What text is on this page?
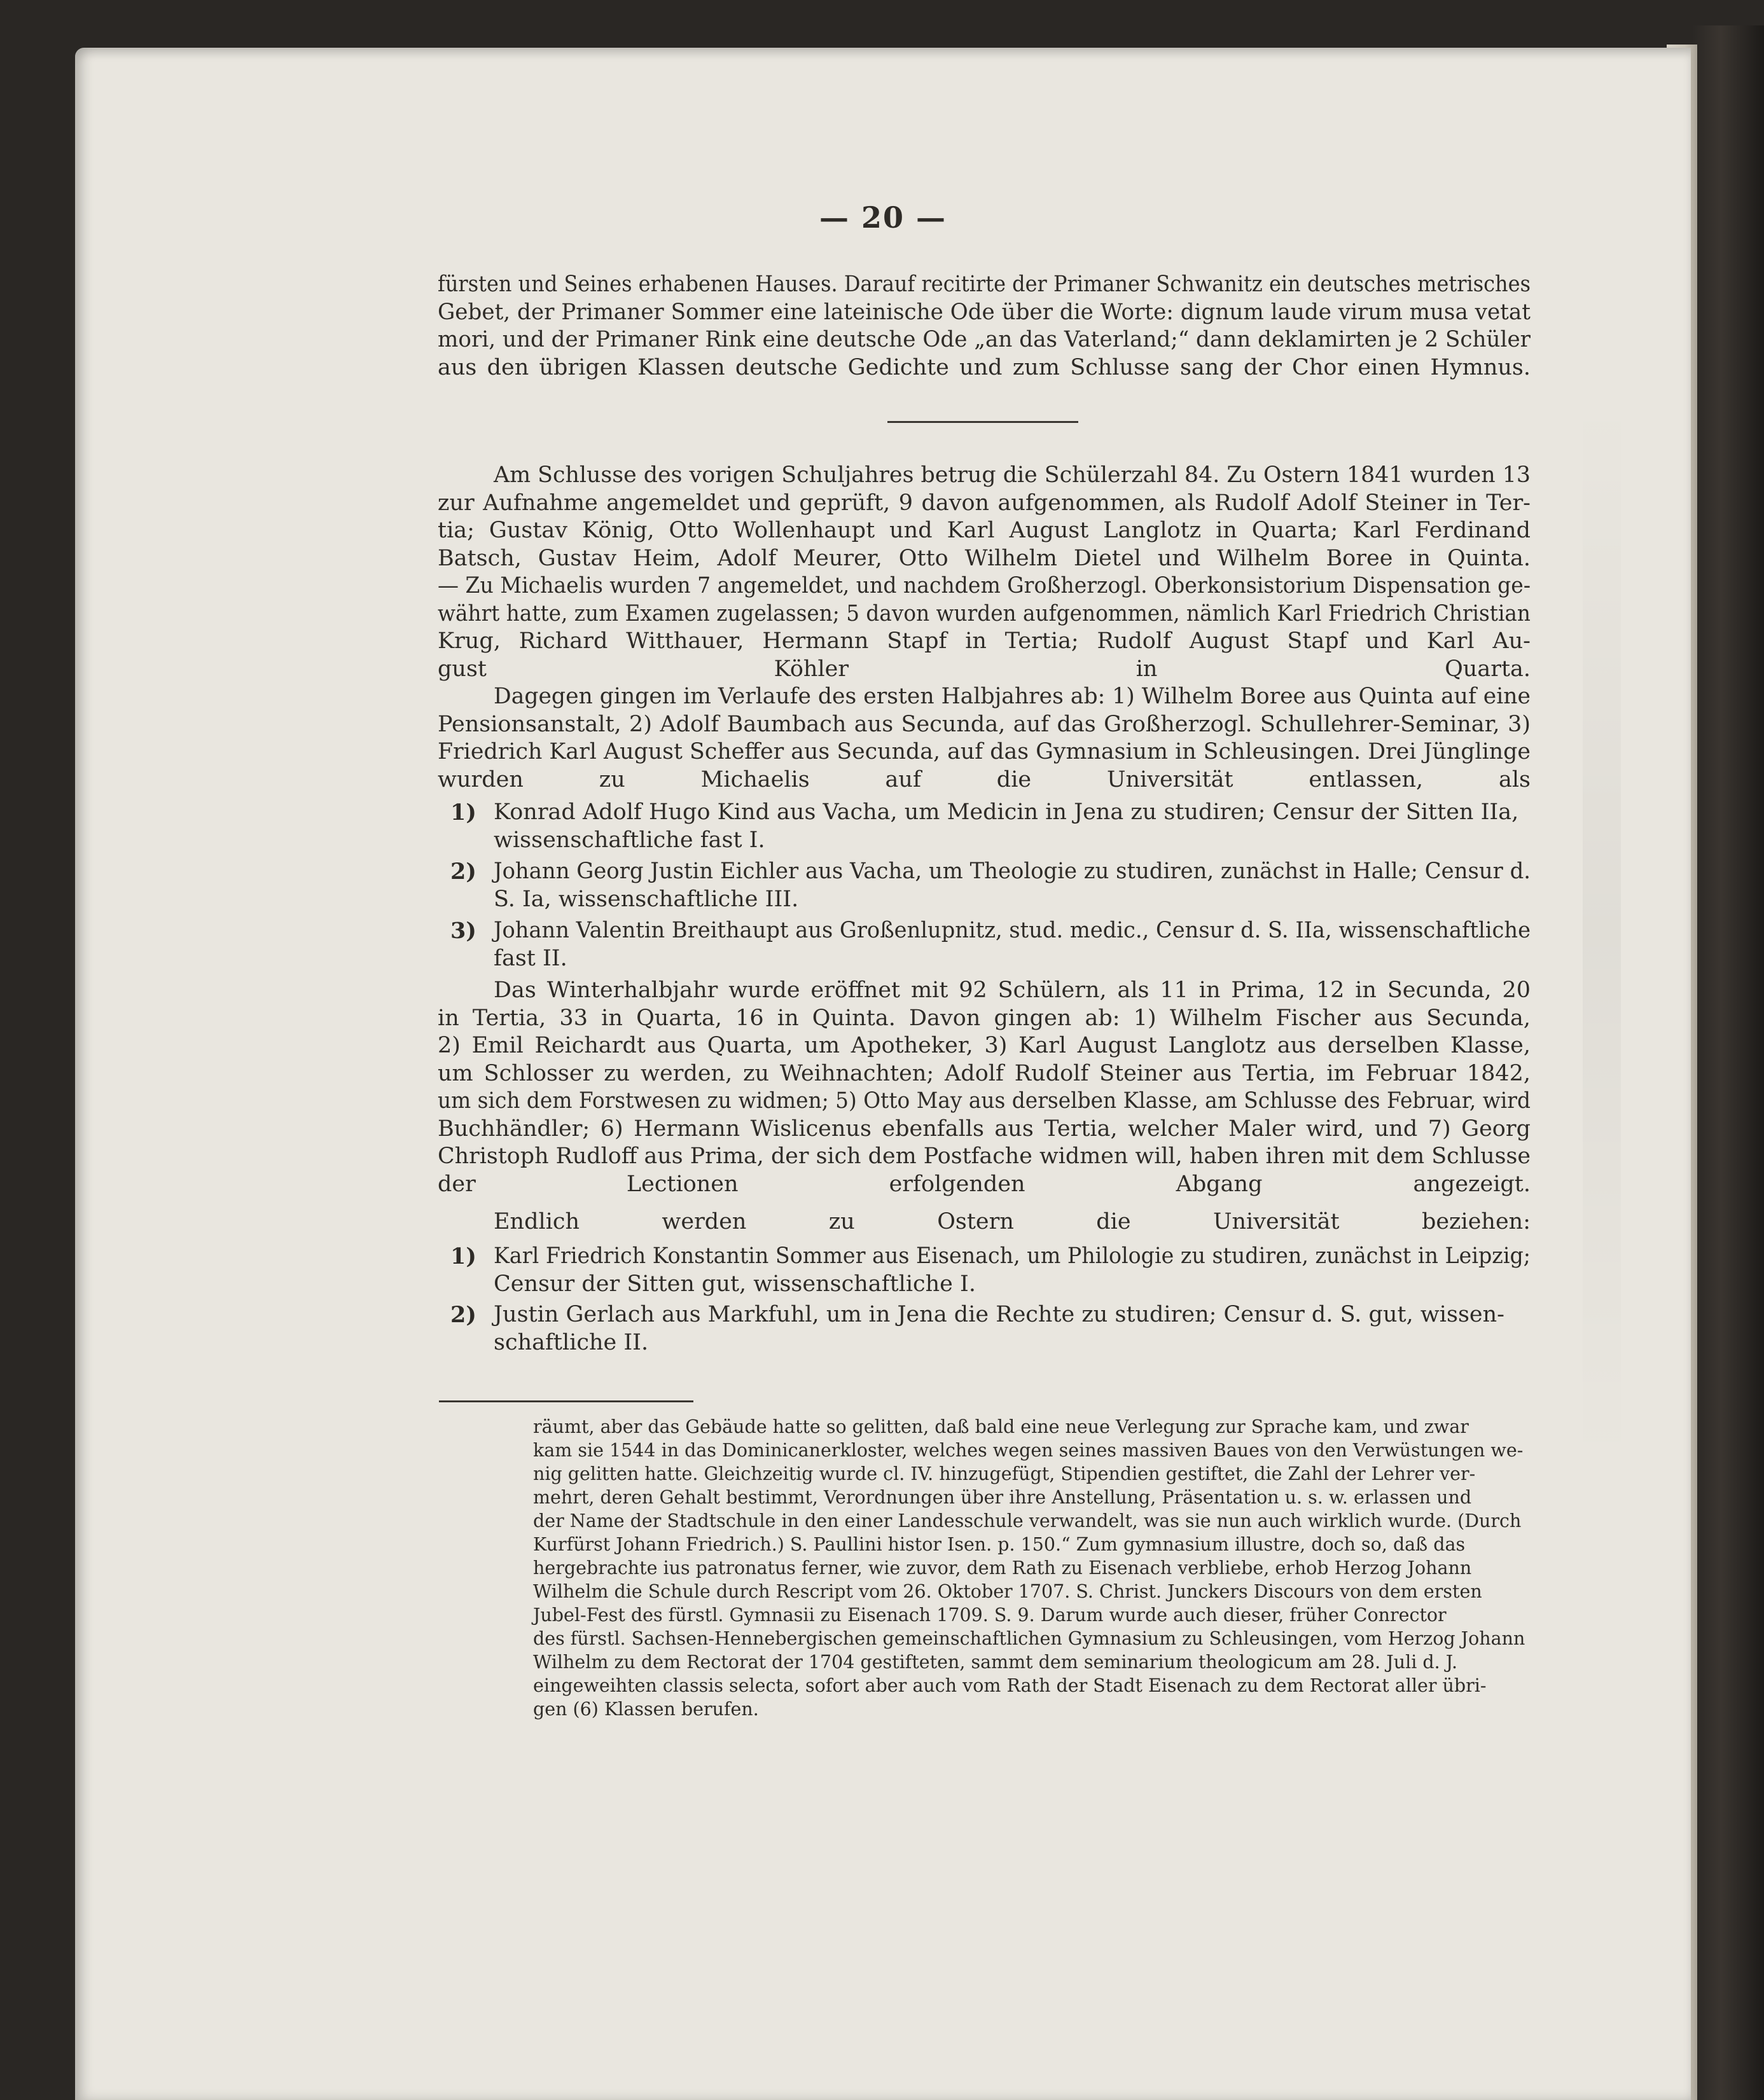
— 20 —
fürsten und Seines erhabenen Hauses. Darauf recitirte der Primaner Schwanitz ein deutsches metrisches
Gebet, der Primaner Sommer eine lateinische Ode über die Worte: dignum laude virum musa vetat
mori, und der Primaner Rink eine deutsche Ode „an das Vaterland;“ dann deklamirten je 2 Schüler
aus den übrigen Klassen deutsche Gedichte und zum Schlusse sang der Chor einen Hymnus.
Am Schlusse des vorigen Schuljahres betrug die Schülerzahl 84. Zu Ostern 1841 wurden 13
zur Aufnahme angemeldet und geprüft, 9 davon aufgenommen, als Rudolf Adolf Steiner in Ter-
tia; Gustav König, Otto Wollenhaupt und Karl August Langlotz in Quarta; Karl Ferdinand
Batsch, Gustav Heim, Adolf Meurer, Otto Wilhelm Dietel und Wilhelm Boree in Quinta.
— Zu Michaelis wurden 7 angemeldet, und nachdem Großherzogl. Oberkonsistorium Dispensation ge-
währt hatte, zum Examen zugelassen; 5 davon wurden aufgenommen, nämlich Karl Friedrich Christian
Krug, Richard Witthauer, Hermann Stapf in Tertia; Rudolf August Stapf und Karl Au-
gust Köhler in Quarta.
Dagegen gingen im Verlaufe des ersten Halbjahres ab: 1) Wilhelm Boree aus Quinta auf eine
Pensionsanstalt, 2) Adolf Baumbach aus Secunda, auf das Großherzogl. Schullehrer-Seminar, 3)
Friedrich Karl August Scheffer aus Secunda, auf das Gymnasium in Schleusingen. Drei Jünglinge
wurden zu Michaelis auf die Universität entlassen, als
1) Konrad Adolf Hugo Kind aus Vacha, um Medicin in Jena zu studiren; Censur der Sitten IIa,
wissenschaftliche fast I.
2) Johann Georg Justin Eichler aus Vacha, um Theologie zu studiren, zunächst in Halle; Censur d.
S. Ia, wissenschaftliche III.
3) Johann Valentin Breithaupt aus Großenlupnitz, stud. medic., Censur d. S. IIa, wissenschaftliche
fast II.
Das Winterhalbjahr wurde eröffnet mit 92 Schülern, als 11 in Prima, 12 in Secunda, 20
in Tertia, 33 in Quarta, 16 in Quinta. Davon gingen ab: 1) Wilhelm Fischer aus Secunda,
2) Emil Reichardt aus Quarta, um Apotheker, 3) Karl August Langlotz aus derselben Klasse,
um Schlosser zu werden, zu Weihnachten; Adolf Rudolf Steiner aus Tertia, im Februar 1842,
um sich dem Forstwesen zu widmen; 5) Otto May aus derselben Klasse, am Schlusse des Februar, wird
Buchhändler; 6) Hermann Wislicenus ebenfalls aus Tertia, welcher Maler wird, und 7) Georg
Christoph Rudloff aus Prima, der sich dem Postfache widmen will, haben ihren mit dem Schlusse
der Lectionen erfolgenden Abgang angezeigt.
Endlich werden zu Ostern die Universität beziehen:
1) Karl Friedrich Konstantin Sommer aus Eisenach, um Philologie zu studiren, zunächst in Leipzig;
Censur der Sitten gut, wissenschaftliche I.
2) Justin Gerlach aus Markfuhl, um in Jena die Rechte zu studiren; Censur d. S. gut, wissen-
schaftliche II.
räumt, aber das Gebäude hatte so gelitten, daß bald eine neue Verlegung zur Sprache kam, und zwar
kam sie 1544 in das Dominicanerkloster, welches wegen seines massiven Baues von den Verwüstungen we-
nig gelitten hatte. Gleichzeitig wurde cl. IV. hinzugefügt, Stipendien gestiftet, die Zahl der Lehrer ver-
mehrt, deren Gehalt bestimmt, Verordnungen über ihre Anstellung, Präsentation u. s. w. erlassen und
der Name der Stadtschule in den einer Landesschule verwandelt, was sie nun auch wirklich wurde. (Durch
Kurfürst Johann Friedrich.) S. Paullini histor Isen. p. 150.“ Zum gymnasium illustre, doch so, daß das
hergebrachte ius patronatus ferner, wie zuvor, dem Rath zu Eisenach verbliebe, erhob Herzog Johann
Wilhelm die Schule durch Rescript vom 26. Oktober 1707. S. Christ. Junckers Discours von dem ersten
Jubel-Fest des fürstl. Gymnasii zu Eisenach 1709. S. 9. Darum wurde auch dieser, früher Conrector
des fürstl. Sachsen-Hennebergischen gemeinschaftlichen Gymnasium zu Schleusingen, vom Herzog Johann
Wilhelm zu dem Rectorat der 1704 gestifteten, sammt dem seminarium theologicum am 28. Juli d. J.
eingeweihten classis selecta, sofort aber auch vom Rath der Stadt Eisenach zu dem Rectorat aller übri-
gen (6) Klassen berufen.
